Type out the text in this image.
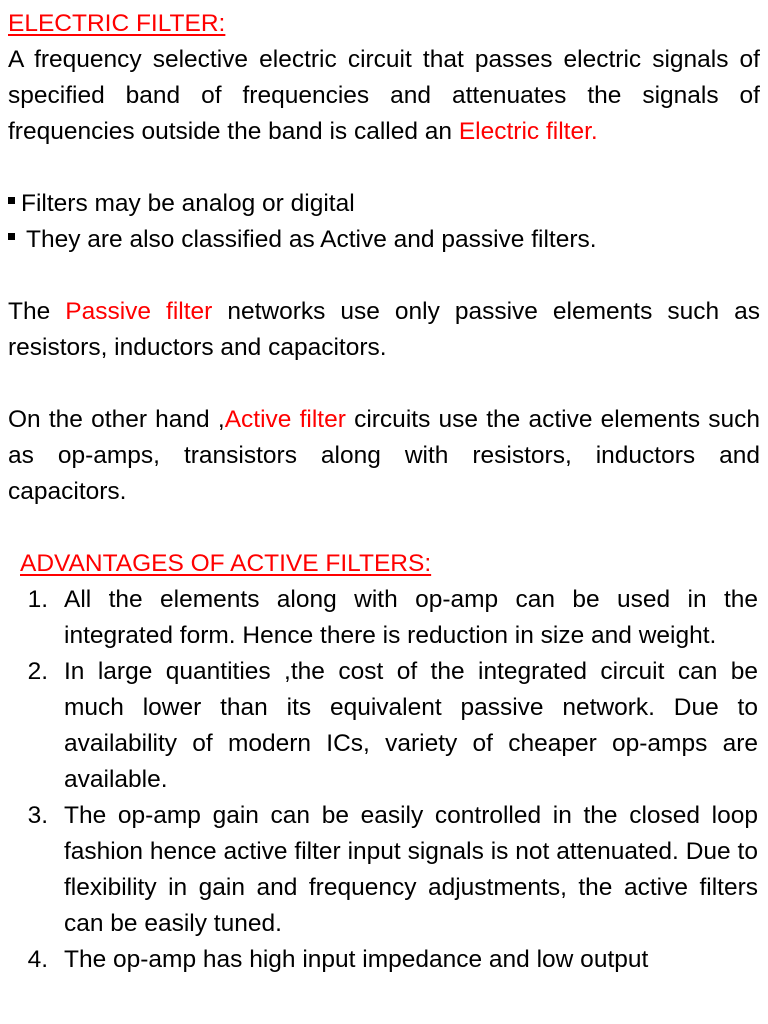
ELECTRIC FILTER:

A frequency selective electric circuit that passes electric signals of specified band of frequencies and attenuates the signals of frequencies outside the band is called an Electric filter.

Filters may be analog or digital
They are also classified as Active and passive filters.

The Passive filter networks use only passive elements such as resistors, inductors and capacitors.

On the other hand ,Active filter circuits use the active elements such as op-amps, transistors along with resistors, inductors and capacitors.

ADVANTAGES OF ACTIVE FILTERS:

1. All the elements along with op-amp can be used in the integrated form. Hence there is reduction in size and weight.
2. In large quantities ,the cost of the integrated circuit can be much lower than its equivalent passive network. Due to availability of modern ICs, variety of cheaper op-amps are available.
3. The op-amp gain can be easily controlled in the closed loop fashion hence active filter input signals is not attenuated. Due to flexibility in gain and frequency adjustments, the active filters can be easily tuned.
4. The op-amp has high input impedance and low output
